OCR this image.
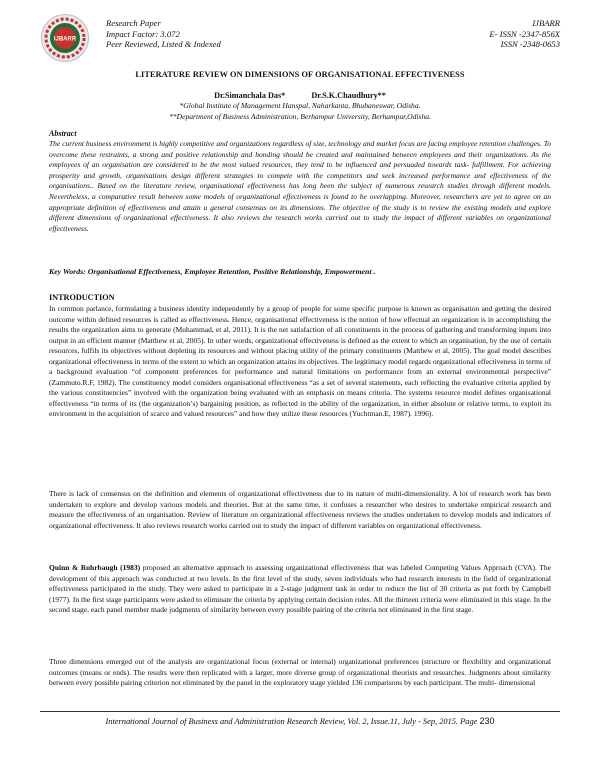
IJBARR
Research Paper
Impact Factor: 3.072
Peer Reviewed, Listed & Indexed
IJBARR
E- ISSN -2347-856X
ISSN -2348-0653
LITERATURE REVIEW ON DIMENSIONS OF ORGANISATIONAL EFFECTIVENESS
Dr.Simanchala Das*	Dr.S.K.Chaudhury**
*Global Institute of Management Hanspal, Naharkanta, Bhubaneswar, Odisha.
**Department of Business Administration, Berhampur University, Berhampur,Odisha.
Abstract
The current business environment is highly competitive and organizations regardless of size, technology and market focus are facing employee retention challenges. To overcome these restraints, a strong and positive relationship and bonding should be created and maintained between employees and their organizations. As the employees of an organisation are considered to be the most valued resources, they tend to be influenced and persuaded towards task- fulfillment. For achieving prosperity and growth, organisations design different strategies to compete with the competitors and seek increased performance and effectiveness of the organisations.. Based on the literature review, organisational effectiveness has long been the subject of numerous research studies through different models. Nevertheless, a comparative result between some models of organizational effectiveness is found to be overlapping. Moreover, researchers are yet to agree on an appropriate definition of effectiveness and attain a general consensus on its dimensions. The objective of the study is to review the existing models and explore different dimensions of organizational effectiveness. It also reviews the research works carried out to study the impact of different variables on organizational effectiveness.
Key Words: Organisational Effectiveness, Employee Retention, Positive Relationship, Empowerment .
INTRODUCTION
In common parlance, formulating a business identity independently by a group of people for some specific purpose is known as organisation and getting the desired outcome within defined resources is called as effectiveness. Hence, organisational effectiveness is the notion of how effectual an organization is in accomplishing the results the organization aims to generate (Muhammad, et al, 2011). It is the net satisfaction of all constituents in the process of gathering and transforming inputs into output in an efficient manner (Matthew et al, 2005). In other words, organizational effectiveness is defined as the extent to which an organisation, by the use of certain resources, fulfils its objectives without depleting its resources and without placing utility of the primary constituents (Matthew et al, 2005). The goal model describes organizational effectiveness in terms of the extent to which an organization attains its objectives. The legitimacy model regards organizational effectiveness in terms of a background evaluation “of component preferences for performance and natural limitations on performance from an external environmental perspective” (Zammuto.R.F, 1982). The constituency model considers organisational effectiveness “as a set of several statements, each reflecting the evaluative criteria applied by the various constituencies” involved with the organization being evaluated with an emphasis on means criteria. The systems resource model defines organisational effectiveness “in terms of its (the organization’s) bargaining position, as reflected in the ability of the organization, in either absolute or relative terms, to exploit its environment in the acquisition of scarce and valued resources” and how they utilize these resources (Yuchtman.E, 1987). 1996).
There is lack of consensus on the definition and elements of organizational effectiveness due to its nature of multi-dimensionality. A lot of research work has been undertaken to explore and develop various models and theories. But at the same time, it confuses a researcher who desires to undertake empirical research and measure the effectiveness of an organisation. Review of literature on organizational effectiveness reviews the studies undertaken to develop models and indicators of organizational effectiveness. It also reviews research works carried out to study the impact of different variables on organizational effectiveness.
Quinn & Rohrbaugh (1983) proposed an alternative approach to assessing organizational effectiveness that was labeled Competing Values Approach (CVA). The development of this approach was conducted at two levels. In the first level of the study, seven individuals who had research interests in the field of organizational effectiveness participated in the study. They were asked to participate in a 2-stage judgment task in order to reduce the list of 30 criteria as put forth by Campbell (1977). In the first stage participants were asked to eliminate the criteria by applying certain decision rules. All the thirteen criteria were eliminated in this stage. In the second stage, each panel member made judgments of similarity between every possible pairing of the criteria not eliminated in the first stage.
Three dimensions emerged out of the analysis are organizational focus (external or internal) organizational preferences (structure or flexibility and organizational outcomes (means or ends). The results were then replicated with a larger, more diverse group of organizational theorists and researches. Judgments about similarity between every possible pairing criterion not eliminated by the panel in the exploratory stage yielded 136 comparisons by each participant. The multi- dimensional
International Journal of Business and Administration Research Review, Vol. 2, Issue.11, July - Sep, 2015. Page 230
